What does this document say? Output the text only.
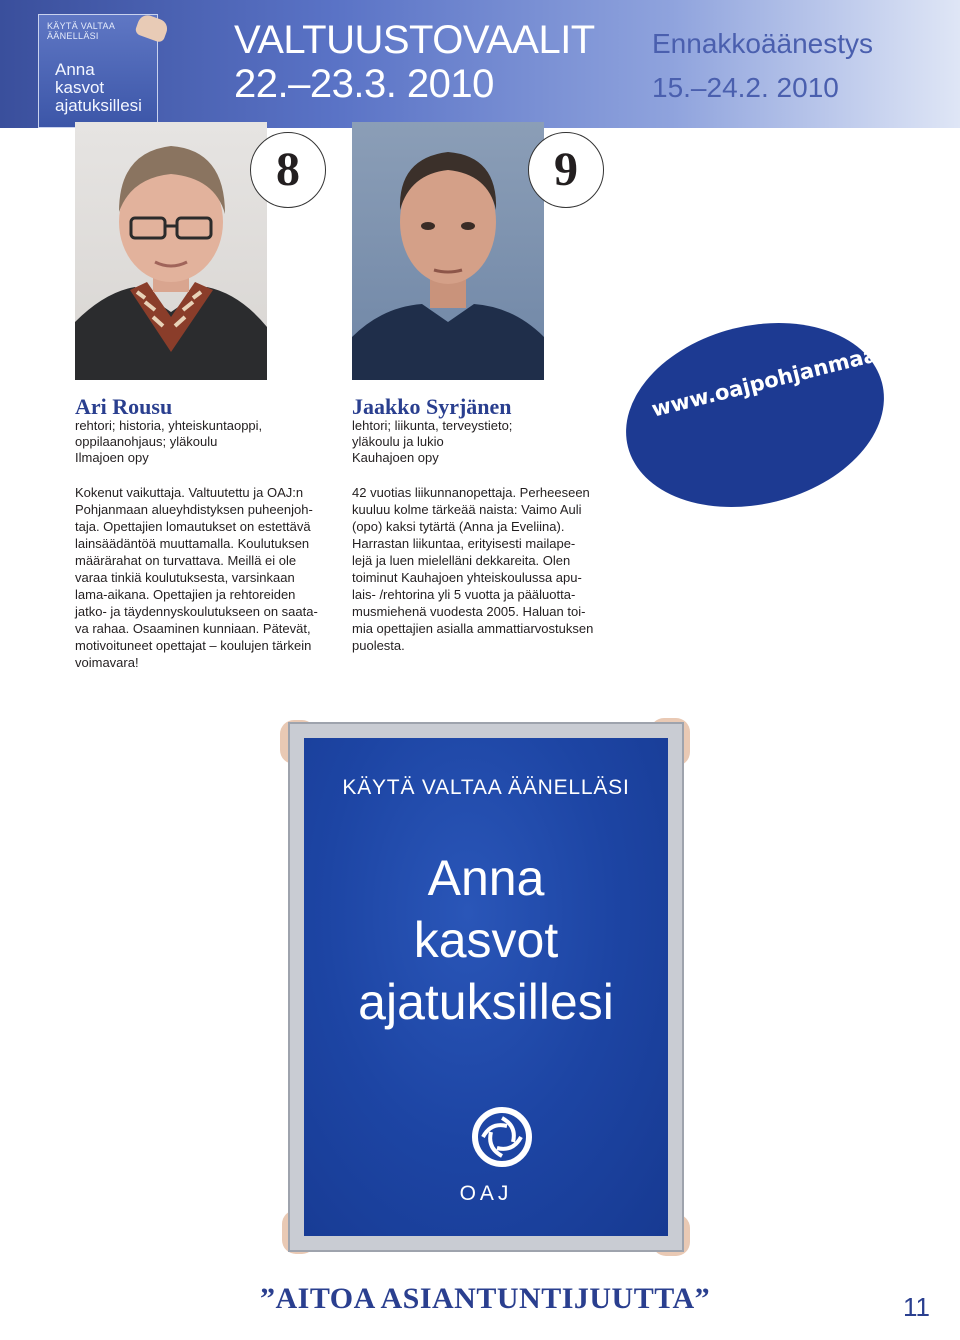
KÄYTÄ VALTAA ÄÄNELLÄSI
Anna
kasvot
ajatuksillesi
VALTUUSTOVAALIT
22.–23.3. 2010
Ennakkoäänestys
15.–24.2. 2010
8	9
Ari Rousu
rehtori; historia, yhteiskuntaoppi,
oppilaanohjaus; yläkoulu
Ilmajoen opy
Kokenut vaikuttaja. Valtuutettu ja OAJ:n
Pohjanmaan alueyhdistyksen puheenjoh-
taja. Opettajien lomautukset on estettävä
lainsäädäntöä muuttamalla. Koulutuksen
määrärahat on turvattava. Meillä ei ole
varaa tinkiä koulutuksesta, varsinkaan
lama-aikana. Opettajien ja rehtoreiden
jatko- ja täydennyskoulutukseen on saata-
va rahaa. Osaaminen kunniaan. Pätevät,
motivoituneet opettajat – koulujen tärkein
voimavara!
Jaakko Syrjänen
lehtori; liikunta, terveystieto;
yläkoulu ja lukio
Kauhajoen opy
42 vuotias liikunnanopettaja. Perheeseen
kuuluu kolme tärkeää naista: Vaimo Auli
(opo) kaksi tytärtä (Anna ja Eveliina).
Harrastan liikuntaa, erityisesti mailape-
lejä ja luen mielelläni dekkareita. Olen
toiminut Kauhajoen yhteiskoulussa apu-
lais- /rehtorina yli 5 vuotta ja pääluotta-
musmiehenä vuodesta 2005. Haluan toi-
mia opettajien asialla ammattiarvostuksen
puolesta.
www.oajpohjanmaa.fi
KÄYTÄ VALTAA ÄÄNELLÄSI
Anna
kasvot
ajatuksillesi
OAJ
”AITOA ASIANTUNTIJUUTTA”	11
